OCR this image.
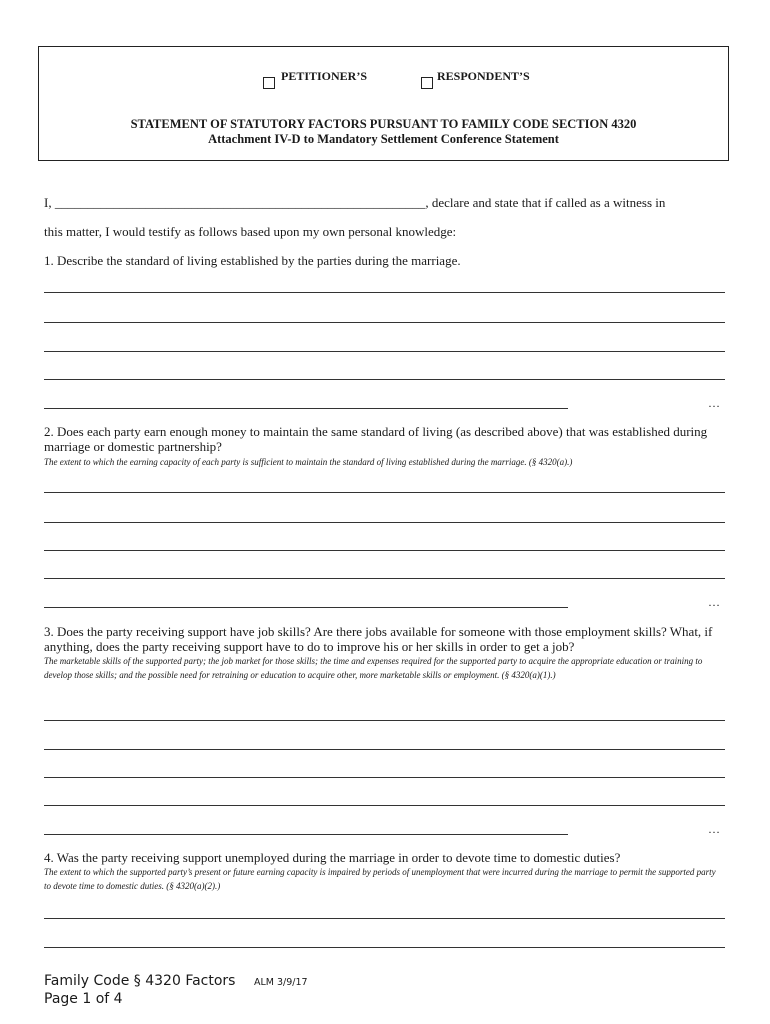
PETITIONER’S	RESPONDENT’S
STATEMENT OF STATUTORY FACTORS PURSUANT TO FAMILY CODE SECTION 4320
Attachment IV-D to Mandatory Settlement Conference Statement
I, _________________________________________________________, declare and state that if called as a witness in
this matter, I would testify as follows based upon my own personal knowledge:
1. Describe the standard of living established by the parties during the marriage.
…
2. Does each party earn enough money to maintain the same standard of living (as described above) that was established during marriage or domestic partnership?
The extent to which the earning capacity of each party is sufficient to maintain the standard of living established during the marriage. (§ 4320(a).)
…
3. Does the party receiving support have job skills? Are there jobs available for someone with those employment skills? What, if anything, does the party receiving support have to do to improve his or her skills in order to get a job?
The marketable skills of the supported party; the job market for those skills; the time and expenses required for the supported party to acquire the appropriate education or training to develop those skills; and the possible need for retraining or education to acquire other, more marketable skills or employment. (§ 4320(a)(1).)
…
4. Was the party receiving support unemployed during the marriage in order to devote time to domestic duties?
The extent to which the supported party’s present or future earning capacity is impaired by periods of unemployment that were incurred during the marriage to permit the supported party to devote time to domestic duties. (§ 4320(a)(2).)
Family Code § 4320 Factors ALM 3/9/17
Page 1 of 4
